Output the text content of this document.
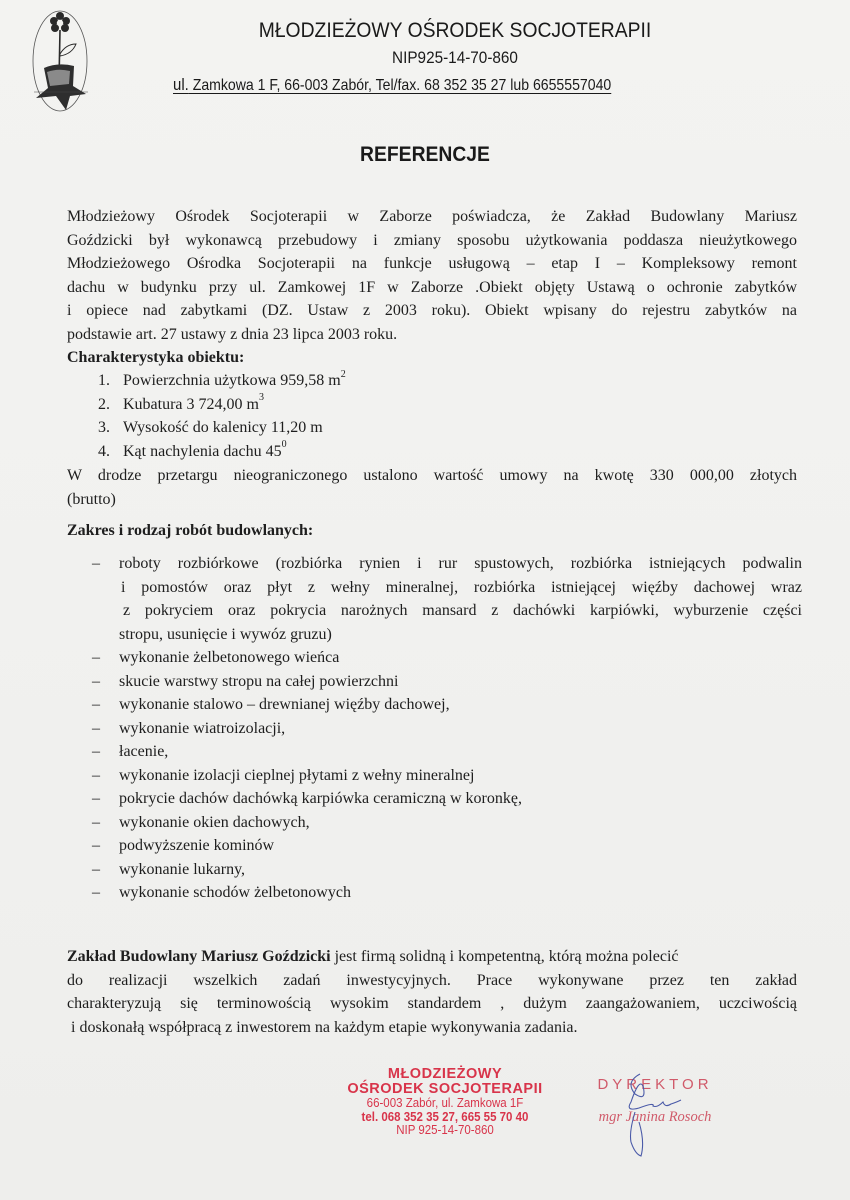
MŁODZIEŻOWY OŚRODEK SOCJOTERAPII
NIP925-14-70-860
ul. Zamkowa 1 F, 66-003 Zabór, Tel/fax. 68 352 35 27 lub 6655557040
REFERENCJE
Młodzieżowy Ośrodek Socjoterapii w Zaborze poświadcza, że Zakład Budowlany Mariusz
Goździcki był wykonawcą przebudowy i zmiany sposobu użytkowania poddasza nieużytkowego
Młodzieżowego Ośrodka Socjoterapii na funkcje usługową – etap I – Kompleksowy remont
dachu w budynku przy ul. Zamkowej 1F w Zaborze .Obiekt objęty Ustawą o ochronie zabytków
i opiece nad zabytkami (DZ. Ustaw z 2003 roku). Obiekt wpisany do rejestru zabytków na
podstawie art. 27 ustawy z dnia 23 lipca 2003 roku.
Charakterystyka obiektu:
1. Powierzchnia użytkowa 959,58 $m^2$
2. Kubatura 3 724,00 $m^3$
3. Wysokość do kalenicy 11,20 m
4. Kąt nachylenia dachu $45^0$
W drodze przetargu nieograniczonego ustalono wartość umowy na kwotę 330 000,00 złotych
(brutto)
Zakres i rodzaj robót budowlanych:
– roboty rozbiórkowe (rozbiórka rynien i rur spustowych, rozbiórka istniejących podwalin
i pomostów oraz płyt z wełny mineralnej, rozbiórka istniejącej więźby dachowej wraz
z pokryciem oraz pokrycia narożnych mansard z dachówki karpiówki, wyburzenie części
stropu, usunięcie i wywóz gruzu)
– wykonanie żelbetonowego wieńca
– skucie warstwy stropu na całej powierzchni
– wykonanie stalowo – drewnianej więźby dachowej,
– wykonanie wiatroizolacji,
– łacenie,
– wykonanie izolacji cieplnej płytami z wełny mineralnej
– pokrycie dachów dachówką karpiówka ceramiczną w koronkę,
– wykonanie okien dachowych,
– podwyższenie kominów
– wykonanie lukarny,
– wykonanie schodów żelbetonowych
Zakład Budowlany Mariusz Goździcki jest firmą solidną i kompetentną, którą można polecić
do realizacji wszelkich zadań inwestycyjnych. Prace wykonywane przez ten zakład
charakteryzują się terminowością wysokim standardem , dużym zaangażowaniem, uczciwością
i doskonałą współpracą z inwestorem na każdym etapie wykonywania zadania.
MŁODZIEŻOWY
OŚRODEK SOCJOTERAPII
66-003 Zabór, ul. Zamkowa 1F
tel. 068 352 35 27, 665 55 70 40
NIP 925-14-70-860
DYREKTOR
mgr Janina Rosoch
